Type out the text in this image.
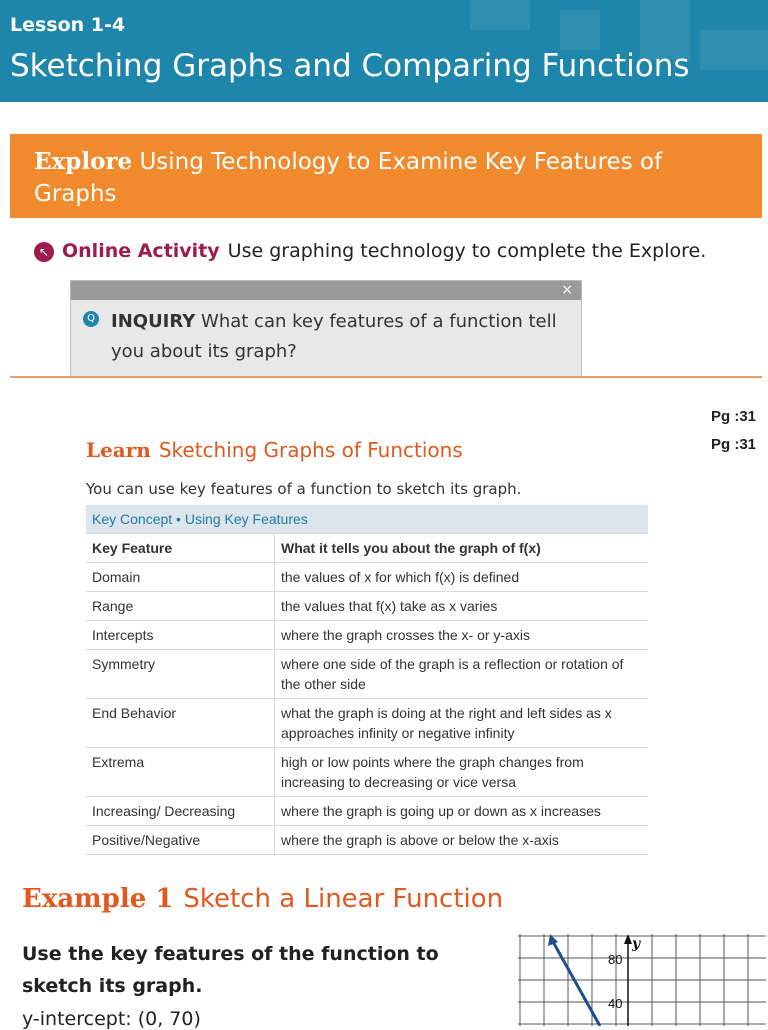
Lesson 1-4
Sketching Graphs and Comparing Functions
Explore Using Technology to Examine Key Features of Graphs
↖ Online Activity Use graphing technology to complete the Explore.
×
Q INQUIRY What can key features of a function tell you about its graph?
Pg :31
Pg :31
Learn Sketching Graphs of Functions
You can use key features of a function to sketch its graph.
Key Concept • Using Key Features	
Key Feature	What it tells you about the graph of f(x)
Domain	the values of x for which f(x) is defined
Range	the values that f(x) take as x varies
Intercepts	where the graph crosses the x- or y-axis
Symmetry	where one side of the graph is a reflection or rotation of the other side
End Behavior	what the graph is doing at the right and left sides as x approaches infinity or negative infinity
Extrema	high or low points where the graph changes from increasing to decreasing or vice versa
Increasing/ Decreasing	where the graph is going up or down as x increases
Positive/Negative	where the graph is above or below the x-axis
Example 1 Sketch a Linear Function
Use the key features of the function to sketch its graph.
y-intercept: (0, 70)
y
80
40
